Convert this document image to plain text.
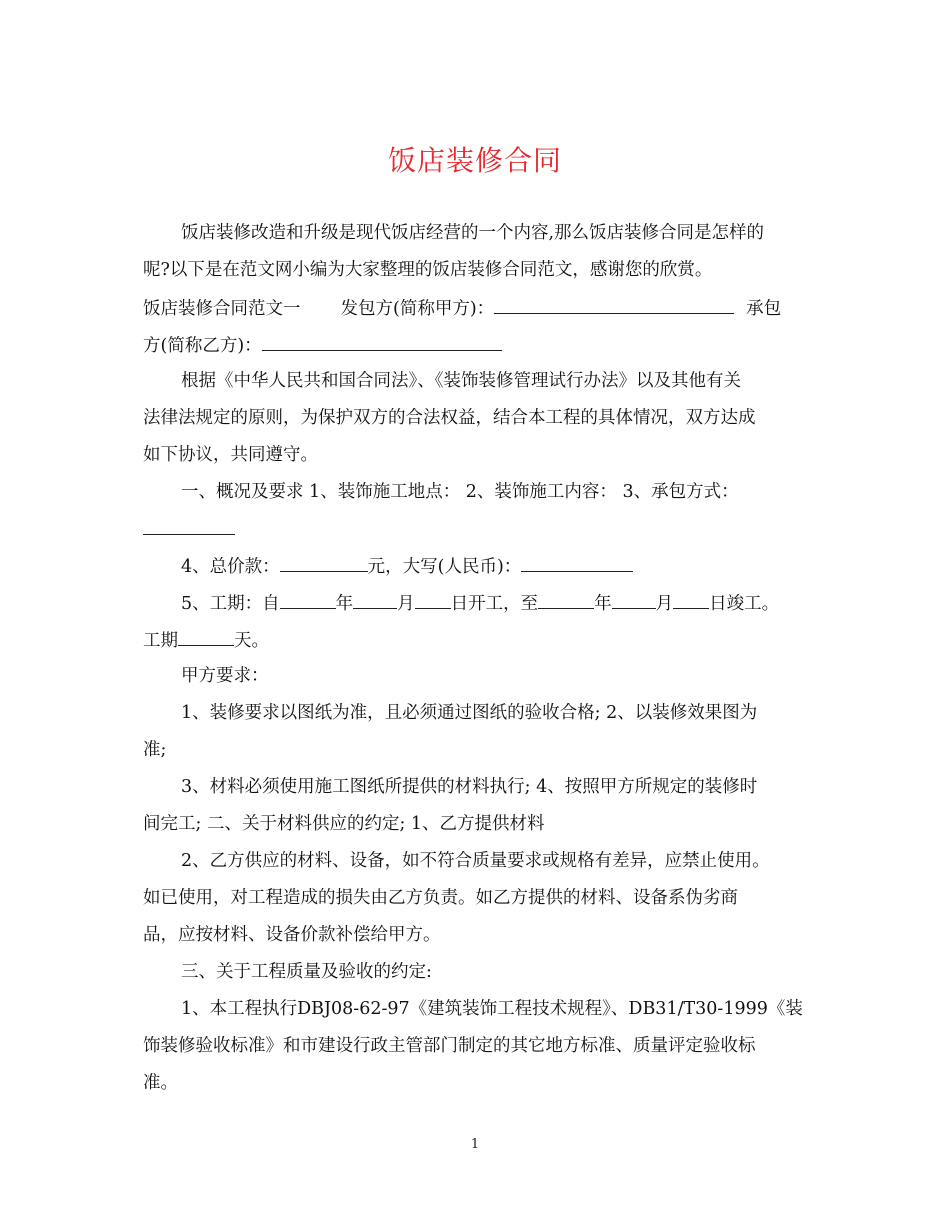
饭店装修合同
饭店装修改造和升级是现代饭店经营的一个内容,那么饭店装修合同是怎样的
呢?以下是在范文网小编为大家整理的饭店装修合同范文，感谢您的欣赏。
饭店装修合同范文一 发包方(简称甲方)：	承包
方(简称乙方)：
根据《中华人民共和国合同法》、《装饰装修管理试行办法》以及其他有关
法律法规定的原则，为保护双方的合法权益，结合本工程的具体情况，双方达成
如下协议，共同遵守。
一、概况及要求 1、装饰施工地点： 2、装饰施工内容： 3、承包方式：
4、总价款：	元，大写(人民币)：
5、工期：自	年	月 日开工，至	年	月 日竣工。
工期	天。
甲方要求：
1、装修要求以图纸为准，且必须通过图纸的验收合格; 2、以装修效果图为
准;
3、材料必须使用施工图纸所提供的材料执行; 4、按照甲方所规定的装修时
间完工; 二、关于材料供应的约定; 1、乙方提供材料
2、乙方供应的材料、设备，如不符合质量要求或规格有差异，应禁止使用。
如已使用，对工程造成的损失由乙方负责。如乙方提供的材料、设备系伪劣商
品，应按材料、设备价款补偿给甲方。
三、关于工程质量及验收的约定:
1、本工程执行DBJ08-62-97《建筑装饰工程技术规程》、DB31/T30-1999《装
饰装修验收标准》和市建设行政主管部门制定的其它地方标准、质量评定验收标
准。
1
